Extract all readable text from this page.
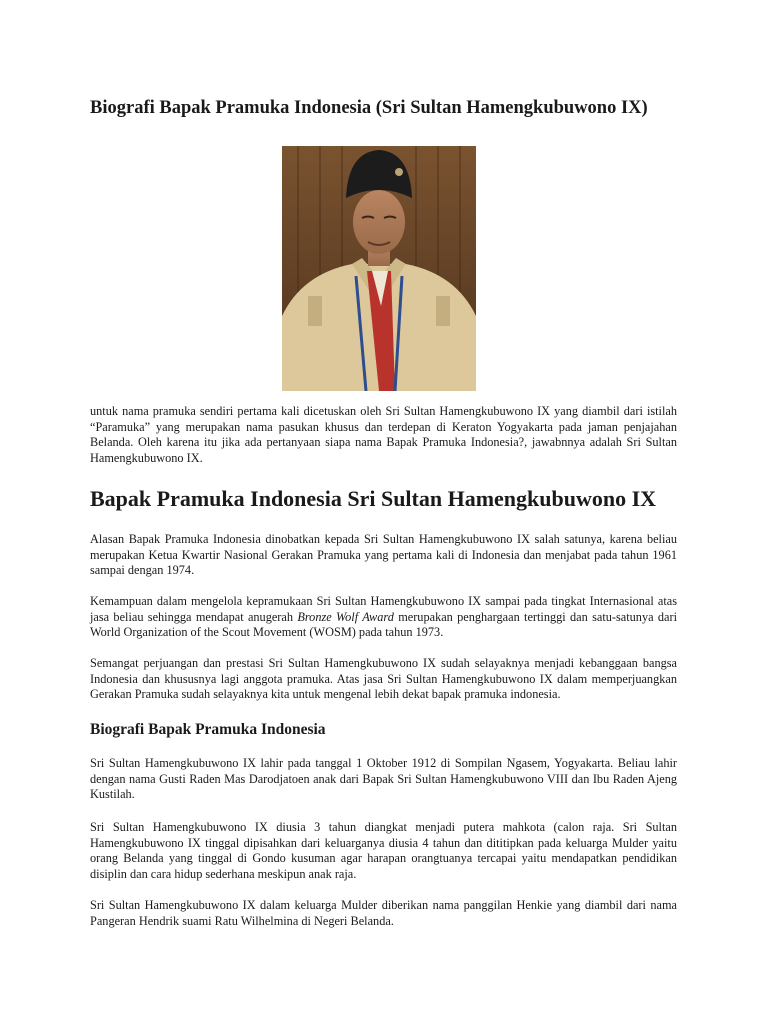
Biografi Bapak Pramuka Indonesia (Sri Sultan Hamengkubuwono IX)

untuk nama pramuka sendiri pertama kali dicetuskan oleh Sri Sultan Hamengkubuwono IX yang diambil dari istilah “Paramuka” yang merupakan nama pasukan khusus dan terdepan di Keraton Yogyakarta pada jaman penjajahan Belanda. Oleh karena itu jika ada pertanyaan siapa nama Bapak Pramuka Indonesia?, jawabnnya adalah Sri Sultan Hamengkubuwono IX.

Bapak Pramuka Indonesia Sri Sultan Hamengkubuwono IX

Alasan Bapak Pramuka Indonesia dinobatkan kepada Sri Sultan Hamengkubuwono IX salah satunya, karena beliau merupakan Ketua Kwartir Nasional Gerakan Pramuka yang pertama kali di Indonesia dan menjabat pada tahun 1961 sampai dengan 1974.

Kemampuan dalam mengelola kepramukaan Sri Sultan Hamengkubuwono IX sampai pada tingkat Internasional atas jasa beliau sehingga mendapat anugerah Bronze Wolf Award merupakan penghargaan tertinggi dan satu-satunya dari World Organization of the Scout Movement (WOSM) pada tahun 1973.

Semangat perjuangan dan prestasi Sri Sultan Hamengkubuwono IX sudah selayaknya menjadi kebanggaan bangsa Indonesia dan khususnya lagi anggota pramuka. Atas jasa Sri Sultan Hamengkubuwono IX dalam memperjuangkan Gerakan Pramuka sudah selayaknya kita untuk mengenal lebih dekat bapak pramuka indonesia.

Biografi Bapak Pramuka Indonesia

Sri Sultan Hamengkubuwono IX lahir pada tanggal 1 Oktober 1912 di Sompilan Ngasem, Yogyakarta. Beliau lahir dengan nama Gusti Raden Mas Darodjatoen anak dari Bapak Sri Sultan Hamengkubuwono VIII dan Ibu Raden Ajeng Kustilah.

Sri Sultan Hamengkubuwono IX diusia 3 tahun diangkat menjadi putera mahkota (calon raja. Sri Sultan Hamengkubuwono IX tinggal dipisahkan dari keluarganya diusia 4 tahun dan dititipkan pada keluarga Mulder yaitu orang Belanda yang tinggal di Gondo kusuman agar harapan orangtuanya tercapai yaitu mendapatkan pendidikan disiplin dan cara hidup sederhana meskipun anak raja.

Sri Sultan Hamengkubuwono IX dalam keluarga Mulder diberikan nama panggilan Henkie yang diambil dari nama Pangeran Hendrik suami Ratu Wilhelmina di Negeri Belanda.
